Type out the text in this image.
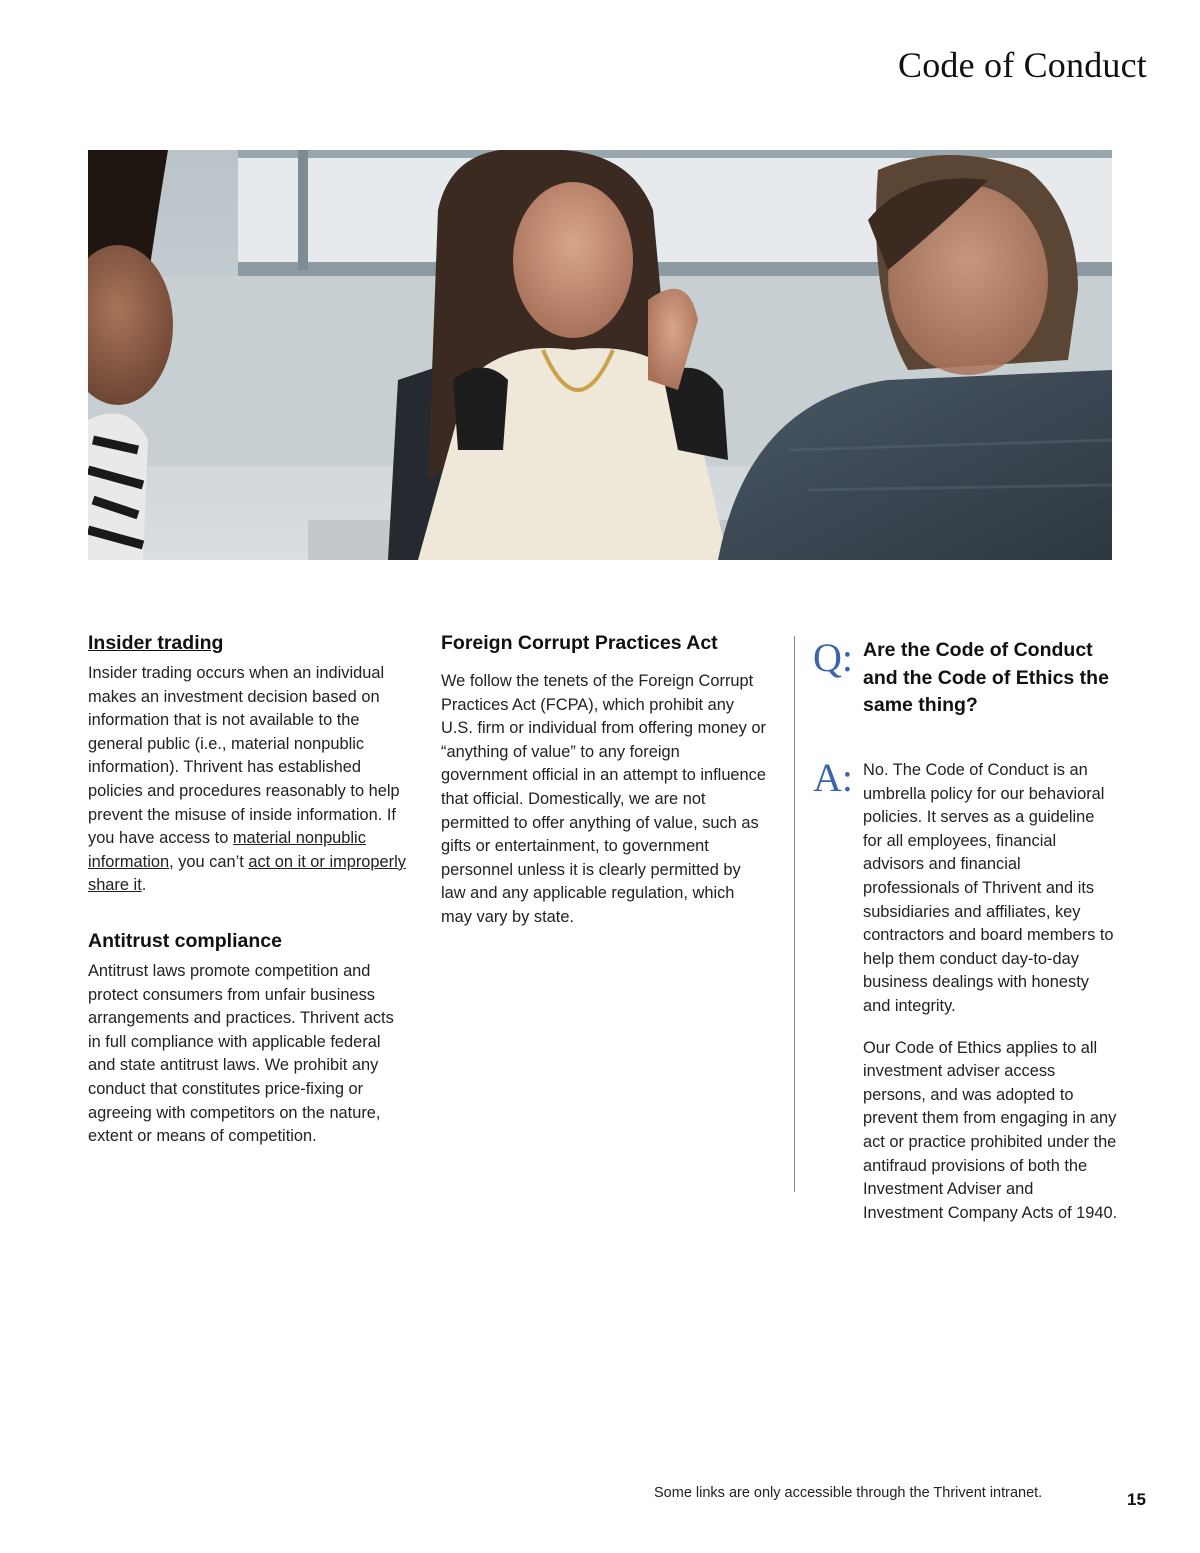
Code of Conduct
Insider trading

Insider trading occurs when an individual makes an investment decision based on information that is not available to the general public (i.e., material nonpublic information). Thrivent has established policies and procedures reasonably to help prevent the misuse of inside information. If you have access to material nonpublic information, you can’t act on it or improperly share it.

Antitrust compliance

Antitrust laws promote competition and protect consumers from unfair business arrangements and practices. Thrivent acts in full compliance with applicable federal and state antitrust laws. We prohibit any conduct that constitutes price-fixing or agreeing with competitors on the nature, extent or means of competition.

Foreign Corrupt Practices Act

We follow the tenets of the Foreign Corrupt Practices Act (FCPA), which prohibit any U.S. firm or individual from offering money or “anything of value” to any foreign government official in an attempt to influence that official. Domestically, we are not permitted to offer anything of value, such as gifts or entertainment, to government personnel unless it is clearly permitted by law and any applicable regulation, which may vary by state.

Q: Are the Code of Conduct and the Code of Ethics the same thing?

A: No. The Code of Conduct is an umbrella policy for our behavioral policies. It serves as a guideline for all employees, financial advisors and financial professionals of Thrivent and its subsidiaries and affiliates, key contractors and board members to help them conduct day-to-day business dealings with honesty and integrity.

Our Code of Ethics applies to all investment adviser access persons, and was adopted to prevent them from engaging in any act or practice prohibited under the antifraud provisions of both the Investment Adviser and Investment Company Acts of 1940.

Some links are only accessible through the Thrivent intranet.	15
